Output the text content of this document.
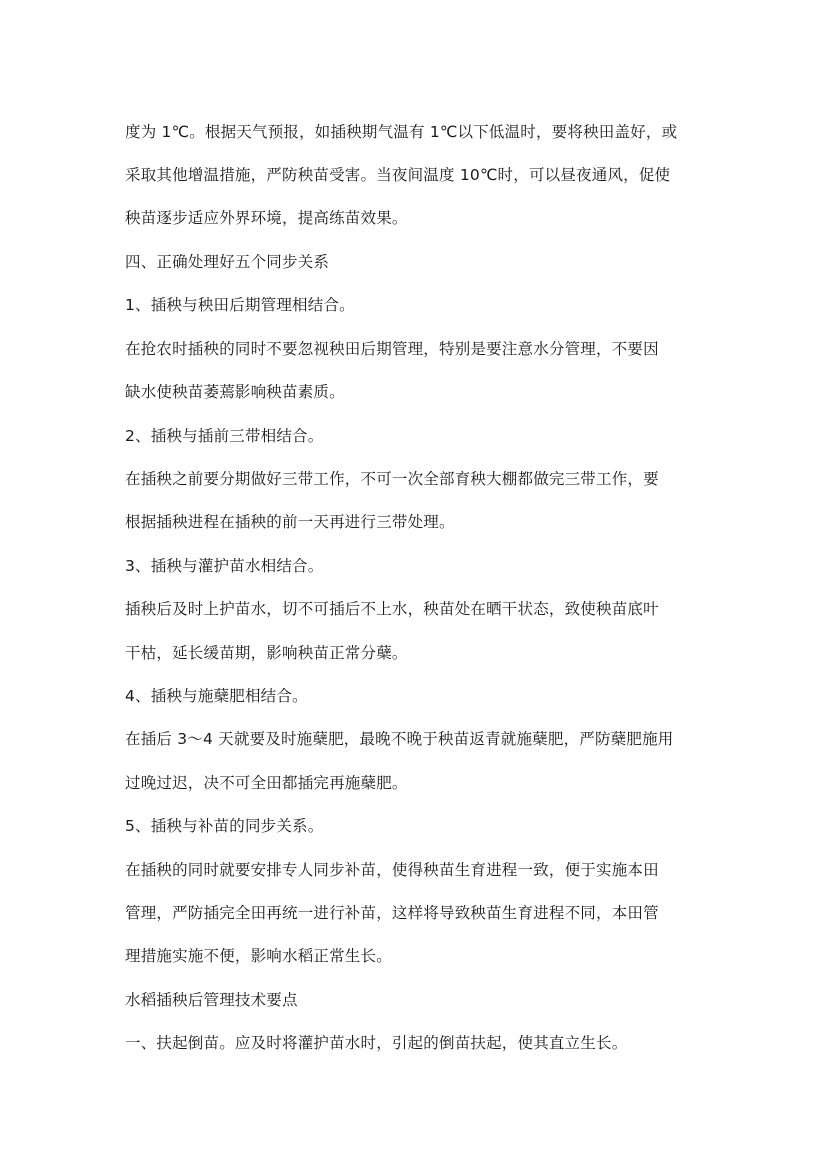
度为 1℃。根据天气预报，如插秧期气温有 1℃以下低温时，要将秧田盖好，或
采取其他增温措施，严防秧苗受害。当夜间温度 10℃时，可以昼夜通风，促使
秧苗逐步适应外界环境，提高练苗效果。
四、正确处理好五个同步关系
1、插秧与秧田后期管理相结合。
在抢农时插秧的同时不要忽视秧田后期管理，特别是要注意水分管理，不要因
缺水使秧苗萎蔫影响秧苗素质。
2、插秧与插前三带相结合。
在插秧之前要分期做好三带工作，不可一次全部育秧大棚都做完三带工作，要
根据插秧进程在插秧的前一天再进行三带处理。
3、插秧与灌护苗水相结合。
插秧后及时上护苗水，切不可插后不上水，秧苗处在晒干状态，致使秧苗底叶
干枯，延长缓苗期，影响秧苗正常分蘖。
4、插秧与施蘖肥相结合。
在插后 3～4 天就要及时施蘖肥，最晚不晚于秧苗返青就施蘖肥，严防蘖肥施用
过晚过迟，决不可全田都插完再施蘖肥。
5、插秧与补苗的同步关系。
在插秧的同时就要安排专人同步补苗，使得秧苗生育进程一致，便于实施本田
管理，严防插完全田再统一进行补苗，这样将导致秧苗生育进程不同，本田管
理措施实施不便，影响水稻正常生长。
水稻插秧后管理技术要点
一、扶起倒苗。应及时将灌护苗水时，引起的倒苗扶起，使其直立生长。
